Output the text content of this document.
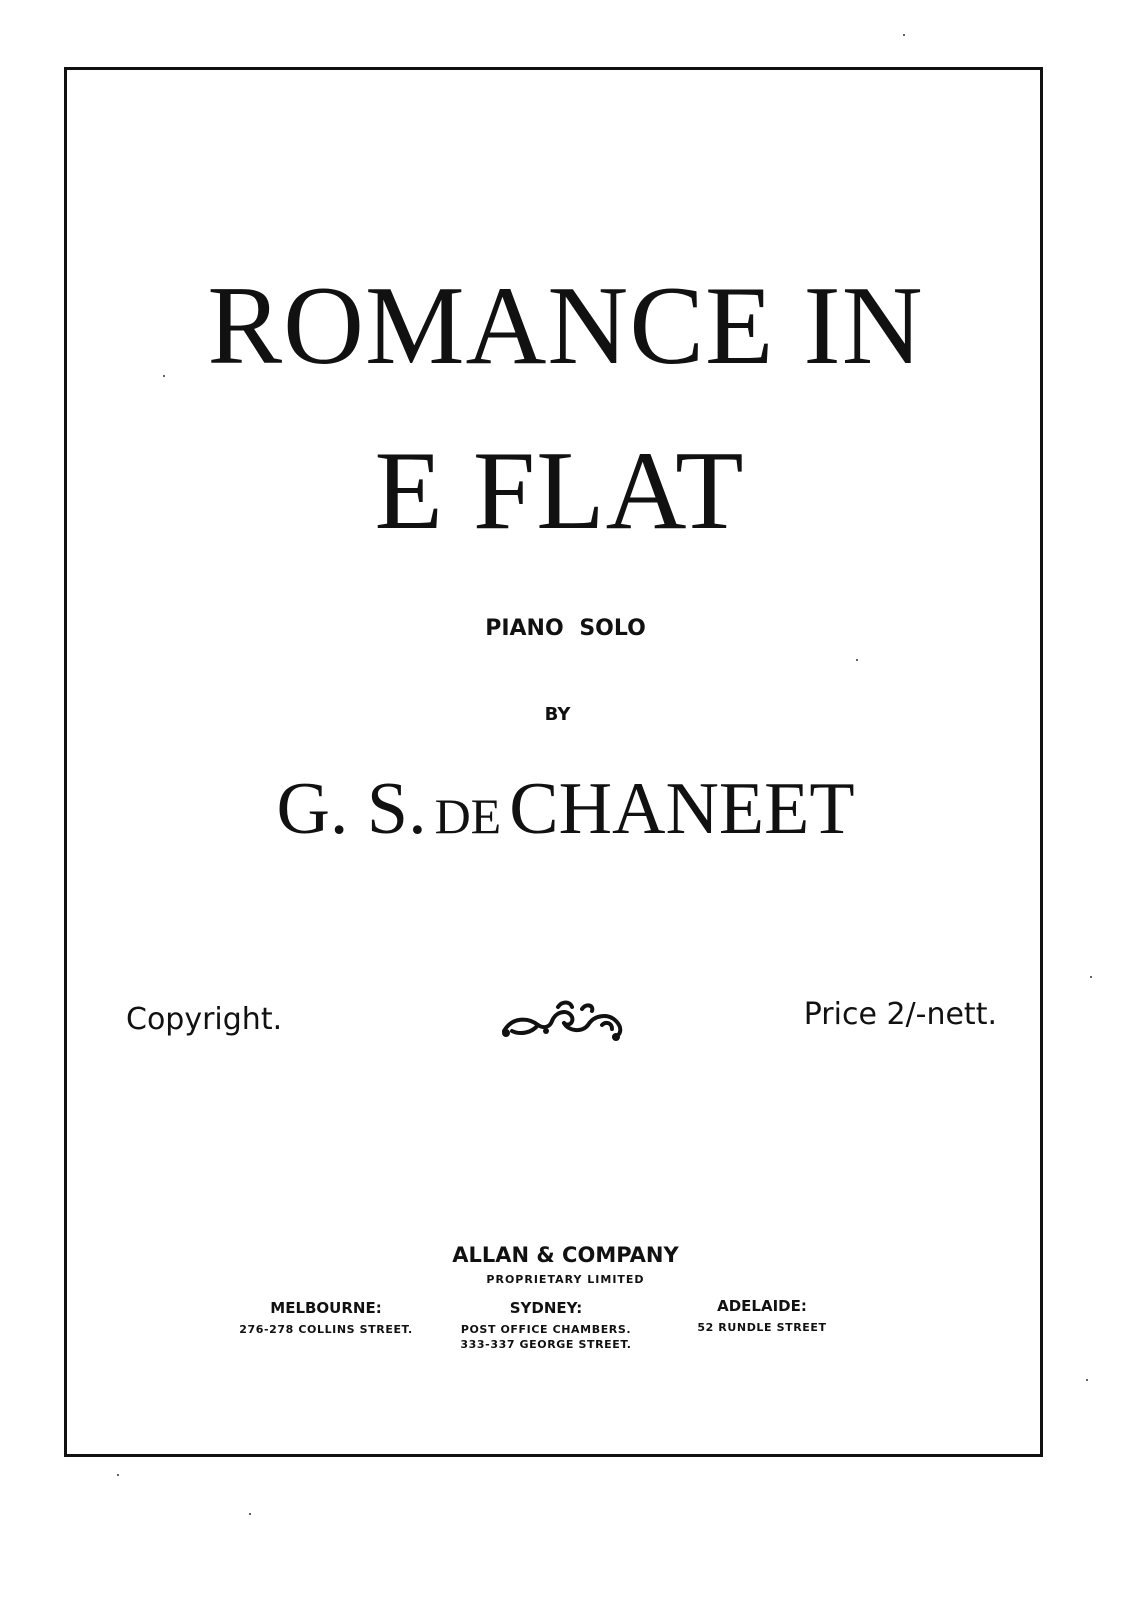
ROMANCE IN
E FLAT
PIANO SOLO
BY
G. S. DE CHANEET
Copyright.	Price 2/-nett.
ALLAN & COMPANY
PROPRIETARY LIMITED
MELBOURNE:
276-278 COLLINS STREET.
SYDNEY:
POST OFFICE CHAMBERS.
333-337 GEORGE STREET.
ADELAIDE:
52 RUNDLE STREET
